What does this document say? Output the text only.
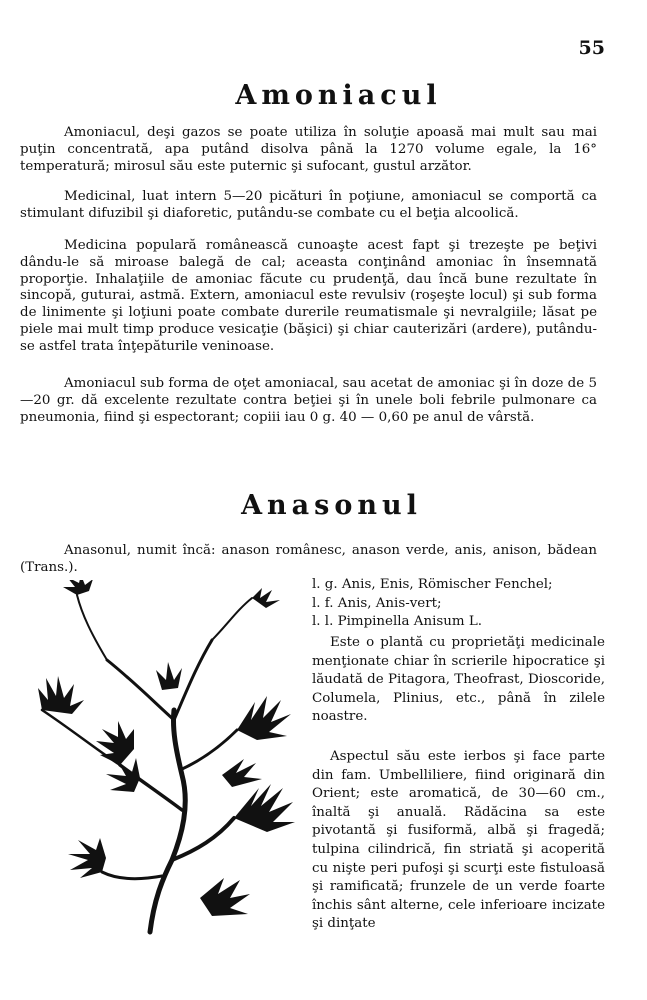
55
Amoniacul

Amoniacul, deşi gazos se poate utiliza în soluţie apoasă mai mult sau mai puţin concentrată, apa putând disolva până la 1270 volume egale, la 16° temperatură; mirosul său este puternic şi sufocant, gustul arzător.

Medicinal, luat intern 5—20 picături în poţiune, amoniacul se comportă ca stimulant difuzibil şi diaforetic, putându-se combate cu el beţia alcoolică.

Medicina populară românească cunoaşte acest fapt şi trezeşte pe beţivi dându-le să miroase balegă de cal; aceasta conţinând amoniac în însemnată proporţie. Inhalaţiile de amoniac făcute cu prudenţă, dau încă bune rezultate în sincopă, guturai, astmă. Extern, amoniacul este revulsiv (roşeşte locul) şi sub forma de linimente şi loţiuni poate combate durerile reumatismale şi nevralgiile; lăsat pe piele mai mult timp produce vesicaţie (băşici) şi chiar cauterizări (ardere), putându-se astfel trata înţepăturile veninoase.

Amoniacul sub forma de oţet amoniacal, sau acetat de amoniac şi în doze de 5—20 gr. dă excelente rezultate contra beţiei şi în unele boli febrile pulmonare ca pneumonia, fiind şi espectorant; copiii iau 0 g. 40 — 0,60 pe anul de vârstă.

Anasonul

Anasonul, numit încă: anason românesc, anason verde, anis, anison, bădean (Trans.).

l. g. Anis, Enis, Römischer Fenchel;
l. f. Anis, Anis-vert;
l. l. Pimpinella Anisum L.

Este o plantă cu proprietăţi medicinale menţionate chiar în scrierile hipocratice şi lăudată de Pitagora, Theofrast, Dioscoride, Columela, Plinius, etc., până în zilele noastre.

Aspectul său este ierbos şi face parte din fam. Umbelliliere, fiind originară din Orient; este aromatică, de 30—60 cm., înaltă şi anuală. Rădăcina sa este pivotantă şi fusiformă, albă şi fragedă; tulpina cilindrică, fin striată şi acoperită cu nişte peri pufoşi şi scurţi este fistuloasă şi ramificată; frunzele de un verde foarte închis sânt alterne, cele inferioare incizate şi dinţate
